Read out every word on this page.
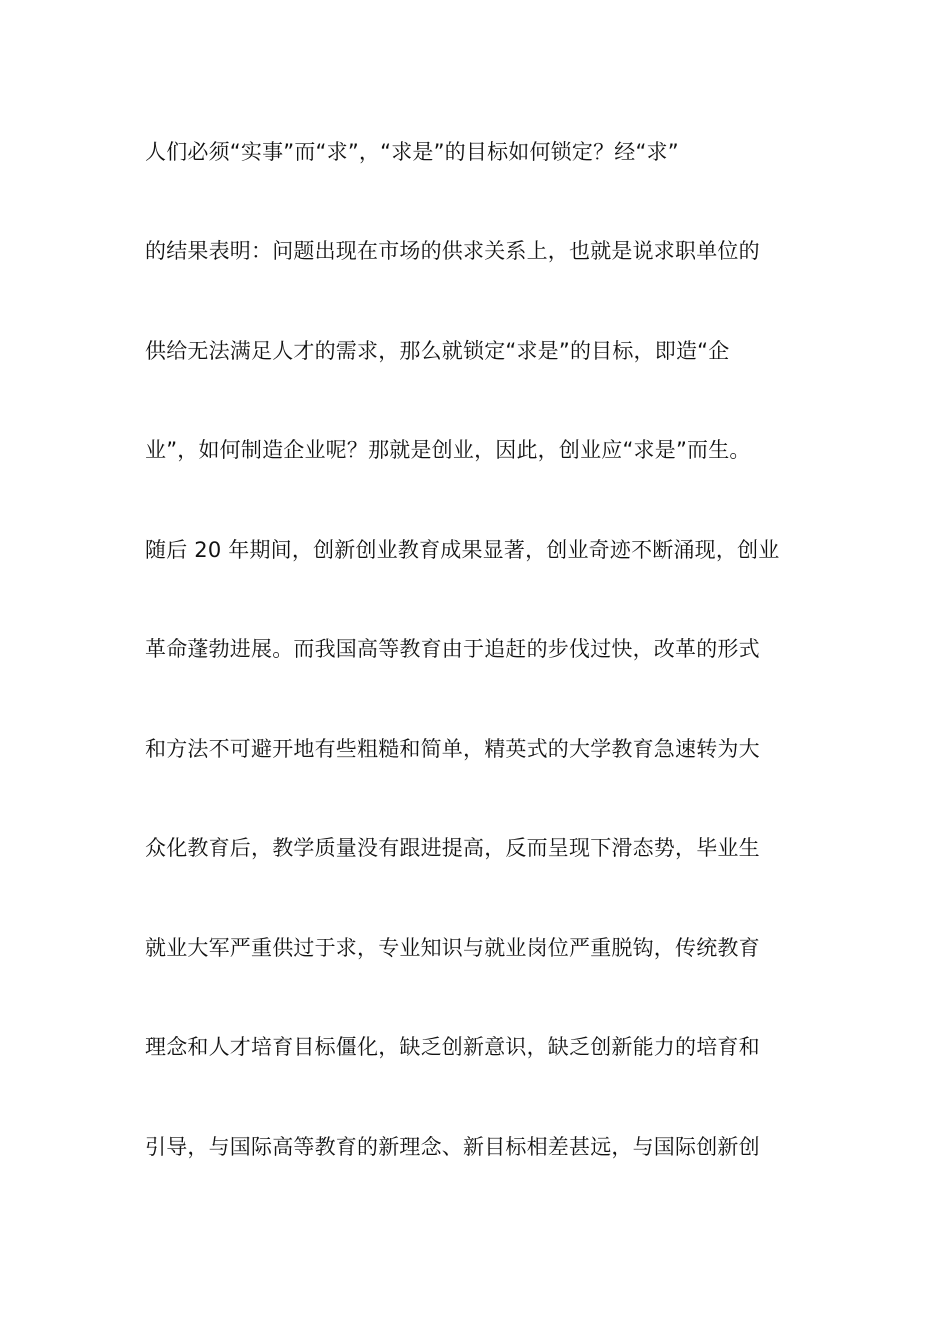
人们必须“实事”而“求”，“求是”的目标如何锁定？经“求”
的结果表明：问题出现在市场的供求关系上，也就是说求职单位的
供给无法满足人才的需求，那么就锁定“求是”的目标，即造“企
业”，如何制造企业呢？那就是创业，因此，创业应“求是”而生。
随后 20 年期间，创新创业教育成果显著，创业奇迹不断涌现，创业
革命蓬勃进展。而我国高等教育由于追赶的步伐过快，改革的形式
和方法不可避开地有些粗糙和简单，精英式的大学教育急速转为大
众化教育后，教学质量没有跟进提高，反而呈现下滑态势，毕业生
就业大军严重供过于求，专业知识与就业岗位严重脱钩，传统教育
理念和人才培育目标僵化，缺乏创新意识，缺乏创新能力的培育和
引导，与国际高等教育的新理念、新目标相差甚远，与国际创新创
